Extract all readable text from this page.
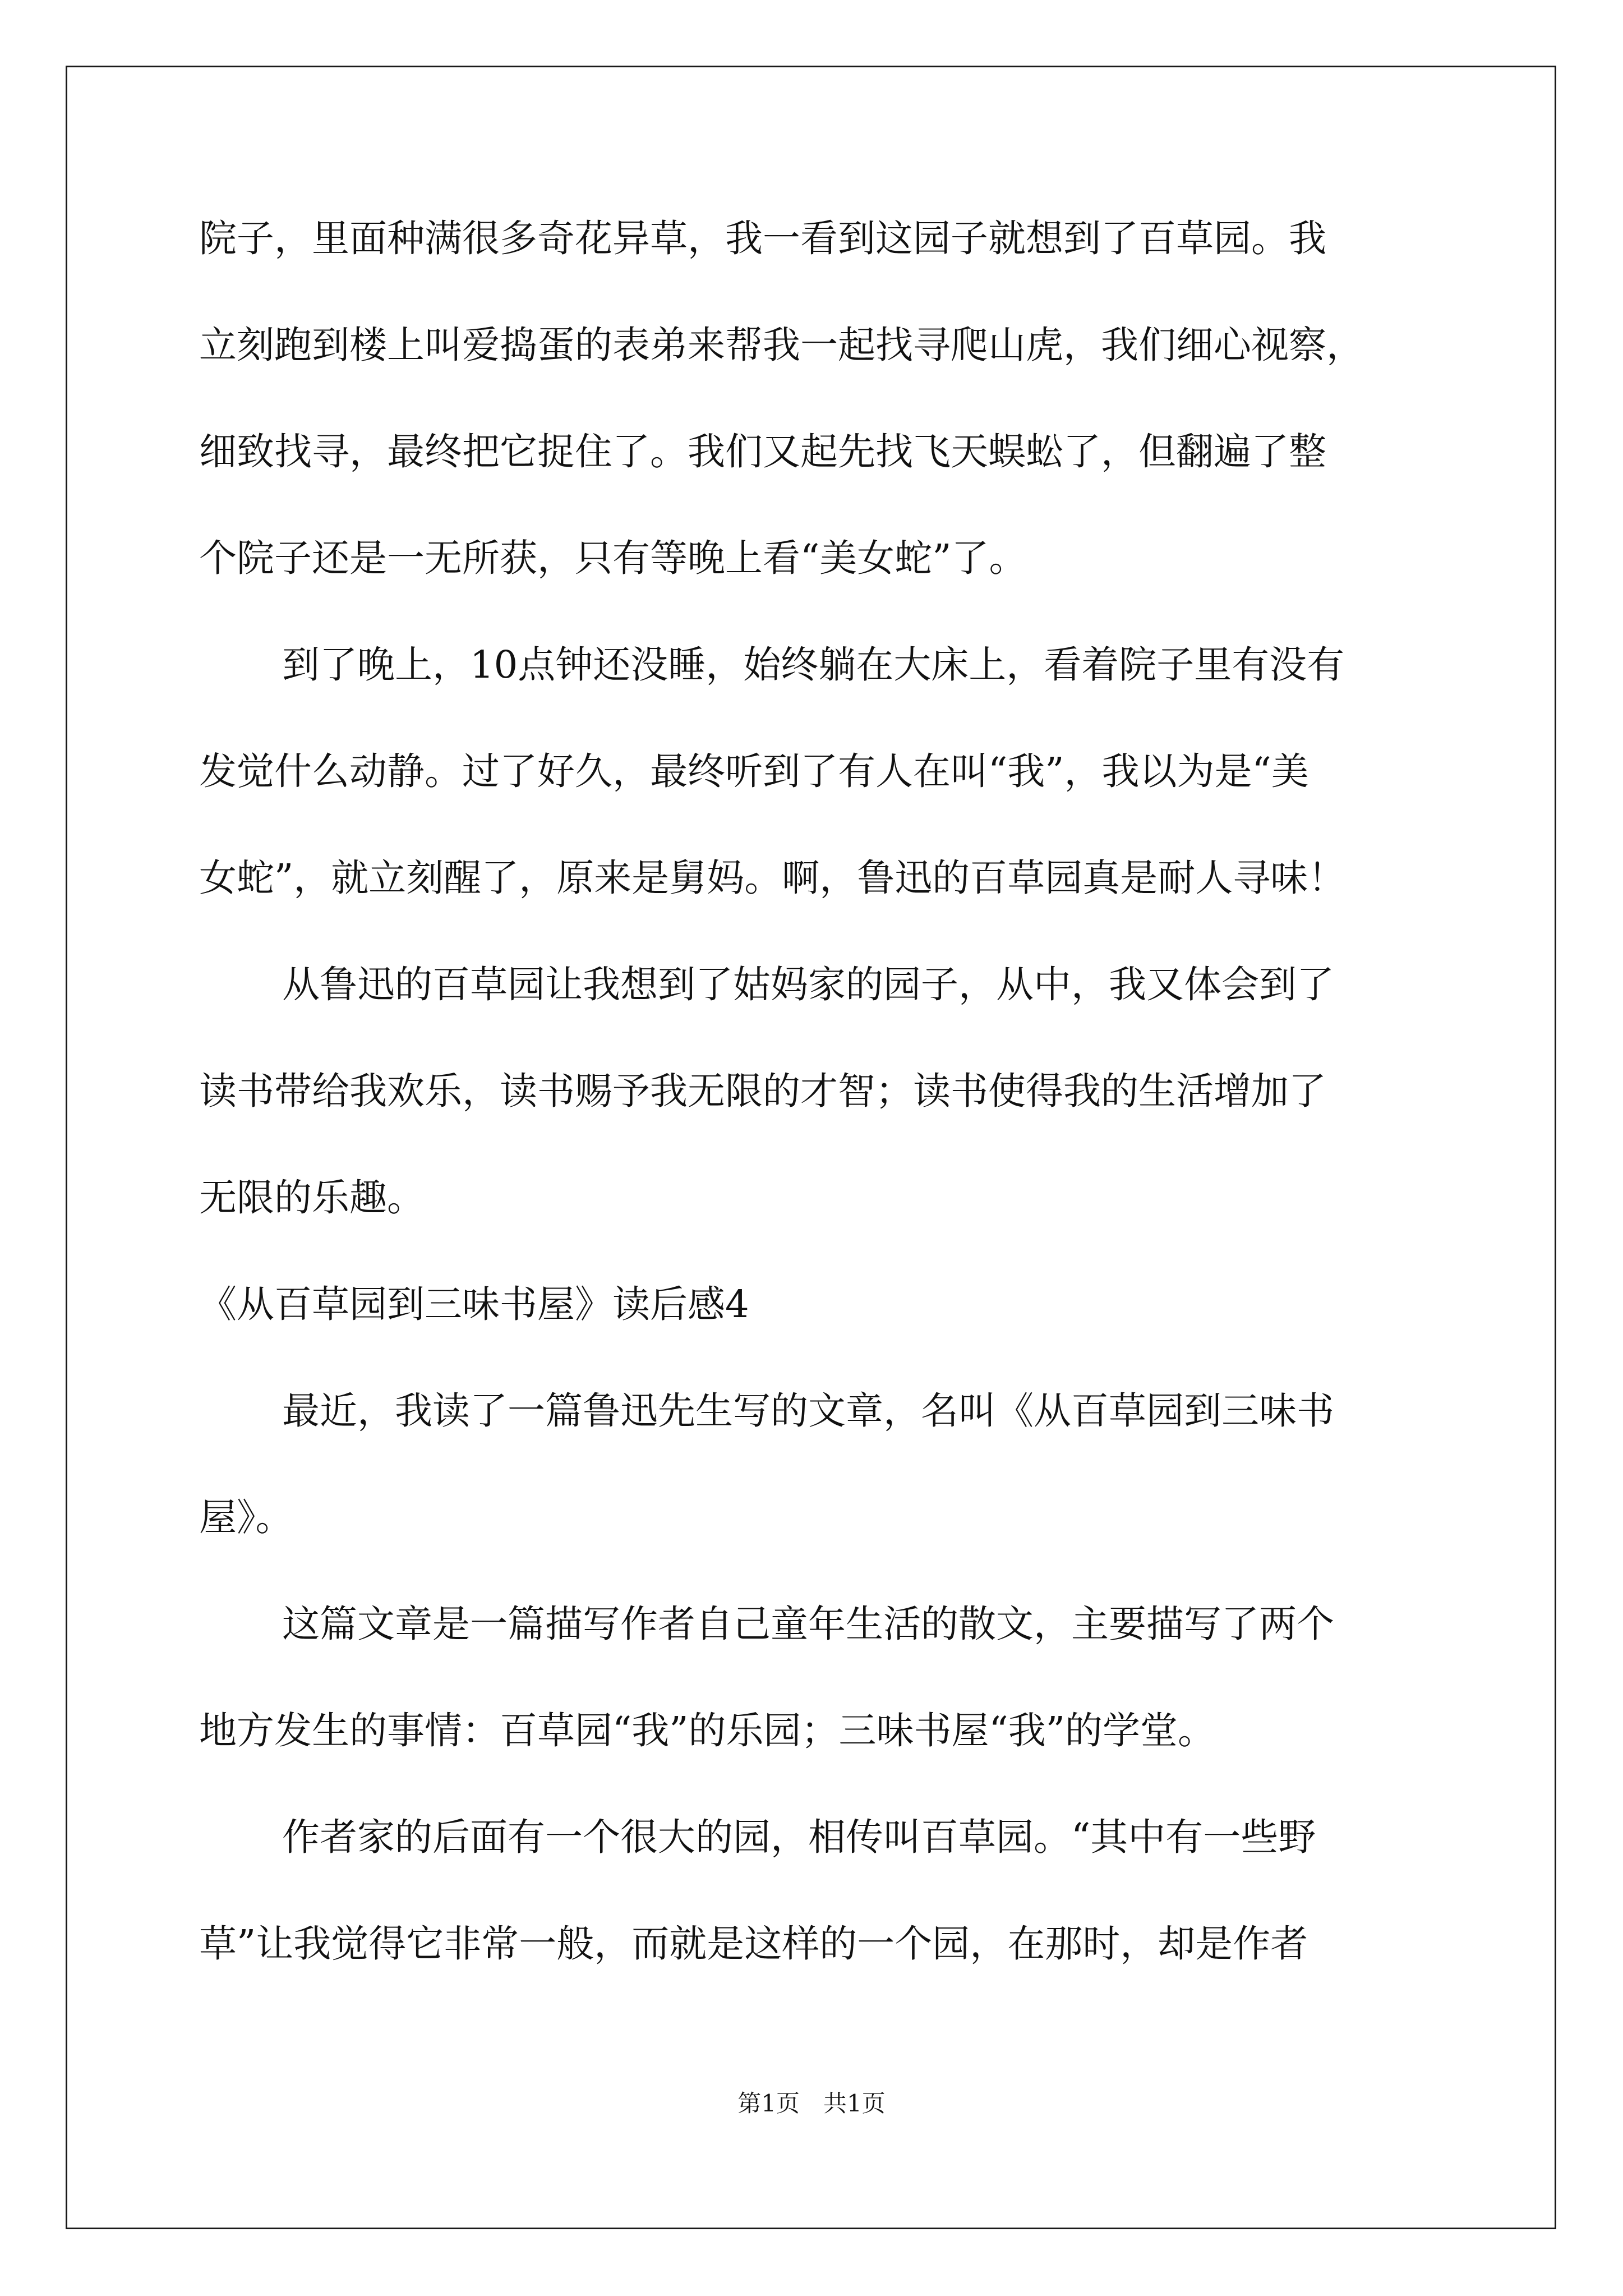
院子，里面种满很多奇花异草，我一看到这园子就想到了百草园。我
立刻跑到楼上叫爱捣蛋的表弟来帮我一起找寻爬山虎，我们细心视察，
细致找寻，最终把它捉住了。我们又起先找飞天蜈蚣了，但翻遍了整
个院子还是一无所获，只有等晚上看“美女蛇”了。
到了晚上，10点钟还没睡，始终躺在大床上，看着院子里有没有
发觉什么动静。过了好久，最终听到了有人在叫“我”，我以为是“美
女蛇”，就立刻醒了，原来是舅妈。啊，鲁迅的百草园真是耐人寻味！
从鲁迅的百草园让我想到了姑妈家的园子，从中，我又体会到了
读书带给我欢乐，读书赐予我无限的才智；读书使得我的生活增加了
无限的乐趣。
《从百草园到三味书屋》读后感4
最近，我读了一篇鲁迅先生写的文章，名叫《从百草园到三味书
屋》。
这篇文章是一篇描写作者自己童年生活的散文，主要描写了两个
地方发生的事情：百草园“我”的乐园；三味书屋“我”的学堂。
作者家的后面有一个很大的园，相传叫百草园。“其中有一些野
草”让我觉得它非常一般，而就是这样的一个园，在那时，却是作者
第1页　共1页
